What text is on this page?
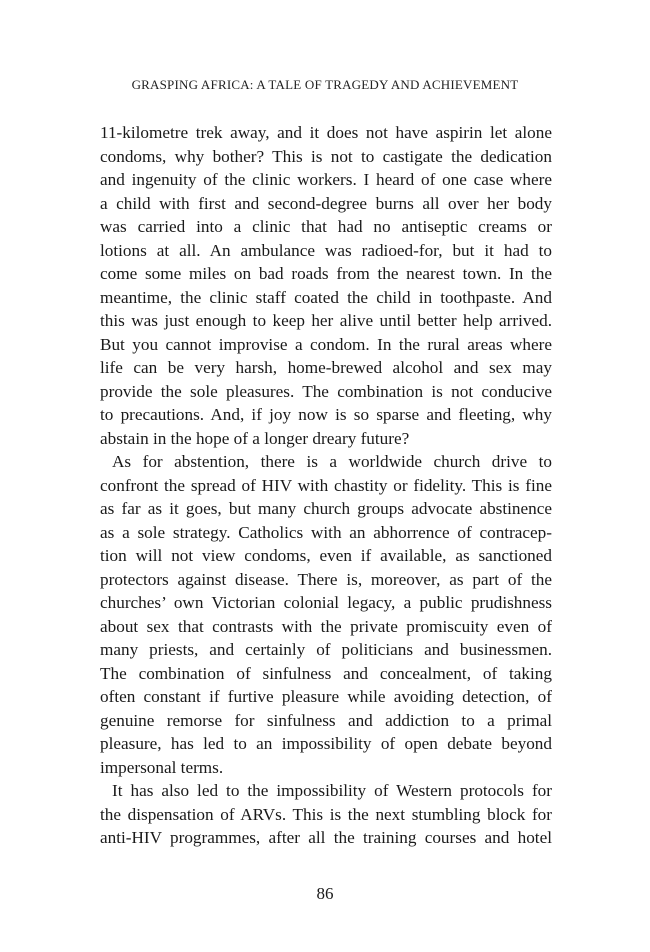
GRASPING AFRICA: A TALE OF TRAGEDY AND ACHIEVEMENT
11-kilometre trek away, and it does not have aspirin let alone
condoms, why bother? This is not to castigate the dedication
and ingenuity of the clinic workers. I heard of one case where
a child with first and second-degree burns all over her body
was carried into a clinic that had no antiseptic creams or
lotions at all. An ambulance was radioed-for, but it had to
come some miles on bad roads from the nearest town. In the
meantime, the clinic staff coated the child in toothpaste. And
this was just enough to keep her alive until better help arrived.
But you cannot improvise a condom. In the rural areas where
life can be very harsh, home-brewed alcohol and sex may
provide the sole pleasures. The combination is not conducive
to precautions. And, if joy now is so sparse and fleeting, why
abstain in the hope of a longer dreary future?
As for abstention, there is a worldwide church drive to
confront the spread of HIV with chastity or fidelity. This is fine
as far as it goes, but many church groups advocate abstinence
as a sole strategy. Catholics with an abhorrence of contracep-
tion will not view condoms, even if available, as sanctioned
protectors against disease. There is, moreover, as part of the
churches’ own Victorian colonial legacy, a public prudishness
about sex that contrasts with the private promiscuity even of
many priests, and certainly of politicians and businessmen.
The combination of sinfulness and concealment, of taking
often constant if furtive pleasure while avoiding detection, of
genuine remorse for sinfulness and addiction to a primal
pleasure, has led to an impossibility of open debate beyond
impersonal terms.
It has also led to the impossibility of Western protocols for
the dispensation of ARVs. This is the next stumbling block for
anti-HIV programmes, after all the training courses and hotel
86
